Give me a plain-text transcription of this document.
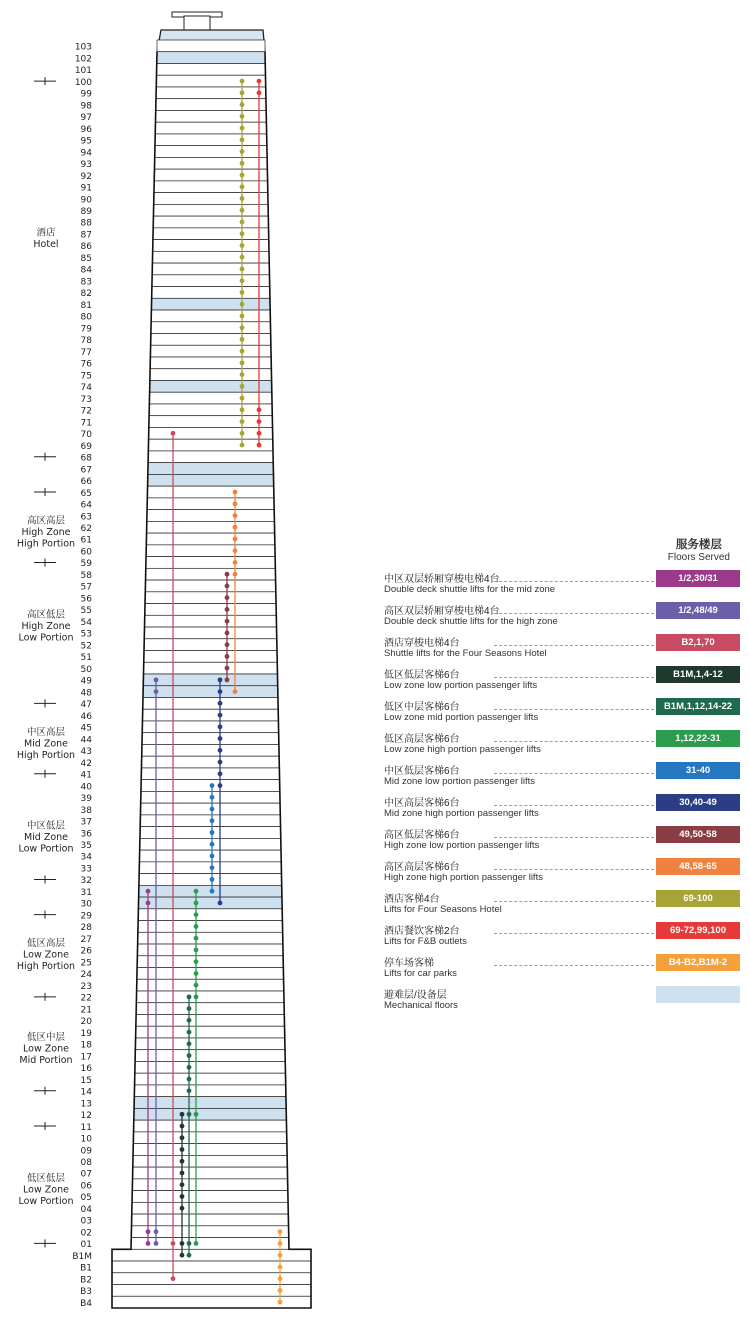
103
102
101
100
99
98
97
96
95
94
93
92
91
90
89
88
87
86
85
84
83
82
81
80
79
78
77
76
75
74
73
72
71
70
69
68
67
66
65
64
63
62
61
60
59
58
57
56
55
54
53
52
51
50
49
48
47
46
45
44
43
42
41
40
39
38
37
36
35
34
33
32
31
30
29
28
27
26
25
24
23
22
21
20
19
18
17
16
15
14
13
12
11
10
09
08
07
06
05
04
03
02
01
B1M
B1
B2
B3
B4
酒店
Hotel
高区高层
High Zone
High Portion
高区低层
High Zone
Low Portion
中区高层
Mid Zone
High Portion
中区低层
Mid Zone
Low Portion
低区高层
Low Zone
High Portion
低区中层
Low Zone
Mid Portion
低区低层
Low Zone
Low Portion
服务楼层
Floors Served
中区双层轿厢穿梭电梯4台
Double deck shuttle lifts for the mid zone
1/2,30/31
高区双层轿厢穿梭电梯4台
Double deck shuttle lifts for the high zone
1/2,48/49
酒店穿梭电梯4台
Shuttle lifts for the Four Seasons Hotel
B2,1,70
低区低层客梯6台
Low zone low portion passenger lifts
B1M,1,4-12
低区中层客梯6台
Low zone mid portion passenger lifts
B1M,1,12,14-22
低区高层客梯6台
Low zone high portion passenger lifts
1,12,22-31
中区低层客梯6台
Mid zone low portion passenger lifts
31-40
中区高层客梯6台
Mid zone high portion passenger lifts
30,40-49
高区低层客梯6台
High zone low portion passenger lifts
49,50-58
高区高层客梯6台
High zone high portion passenger lifts
48,58-65
酒店客梯4台
Lifts for Four Seasons Hotel
69-100
酒店餐饮客梯2台
Lifts for F&B outlets
69-72,99,100
停车场客梯
Lifts for car parks
B4-B2,B1M-2
避难层/设备层
Mechanical floors
